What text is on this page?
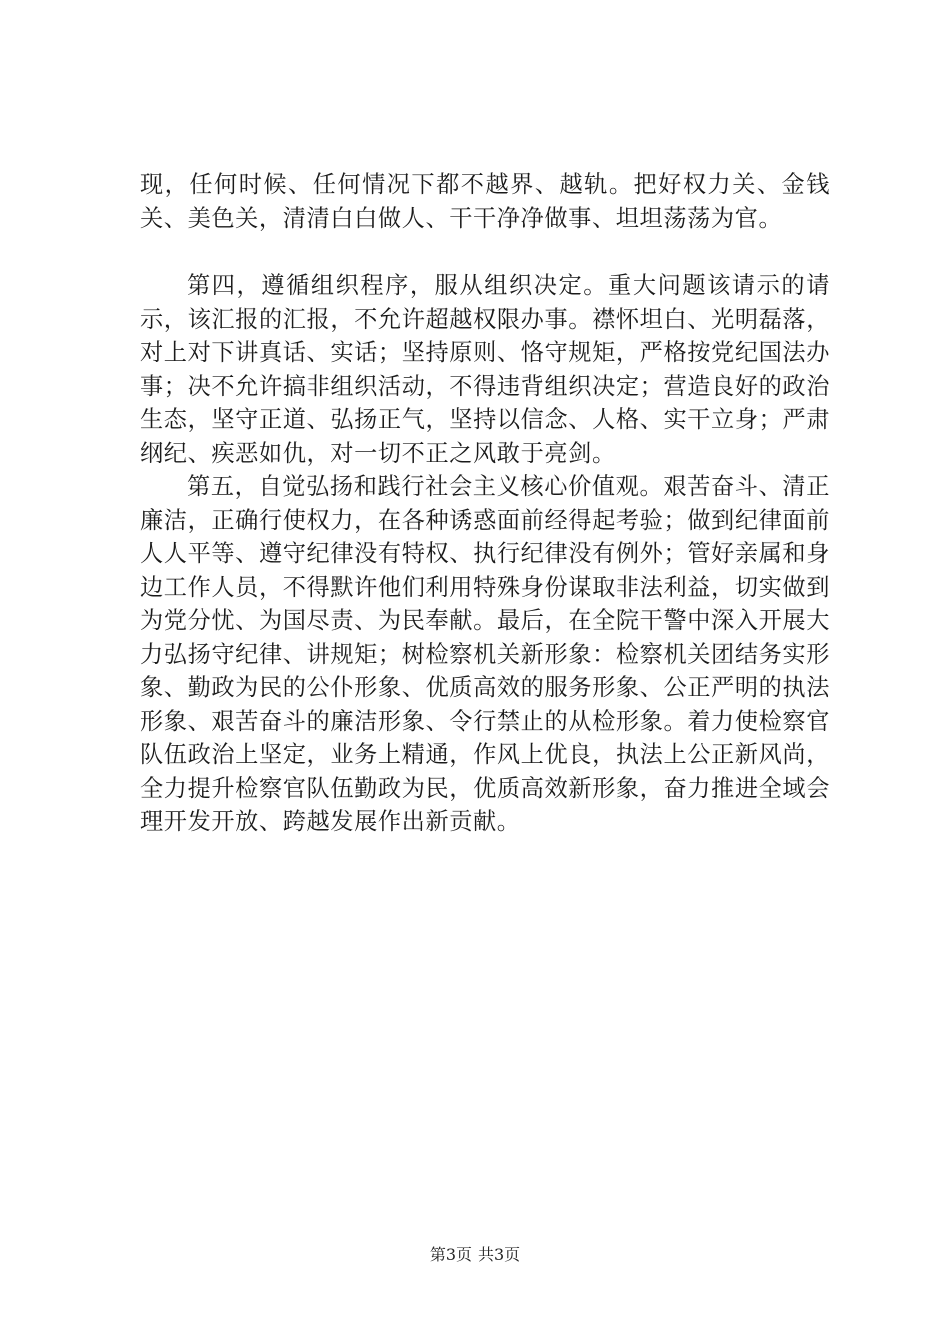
现，任何时候、任何情况下都不越界、越轨。把好权力关、金钱关、美色关，清清白白做人、干干净净做事、坦坦荡荡为官。

第四，遵循组织程序，服从组织决定。重大问题该请示的请示，该汇报的汇报，不允许超越权限办事。襟怀坦白、光明磊落，对上对下讲真话、实话；坚持原则、恪守规矩，严格按党纪国法办事；决不允许搞非组织活动，不得违背组织决定；营造良好的政治生态，坚守正道、弘扬正气，坚持以信念、人格、实干立身；严肃纲纪、疾恶如仇，对一切不正之风敢于亮剑。

第五，自觉弘扬和践行社会主义核心价值观。艰苦奋斗、清正廉洁，正确行使权力，在各种诱惑面前经得起考验；做到纪律面前人人平等、遵守纪律没有特权、执行纪律没有例外；管好亲属和身边工作人员，不得默许他们利用特殊身份谋取非法利益，切实做到为党分忧、为国尽责、为民奉献。最后，在全院干警中深入开展大力弘扬守纪律、讲规矩；树检察机关新形象：检察机关团结务实形象、勤政为民的公仆形象、优质高效的服务形象、公正严明的执法形象、艰苦奋斗的廉洁形象、令行禁止的从检形象。着力使检察官队伍政治上坚定，业务上精通，作风上优良，执法上公正新风尚，全力提升检察官队伍勤政为民，优质高效新形象，奋力推进全域会理开发开放、跨越发展作出新贡献。

第3页 共3页
